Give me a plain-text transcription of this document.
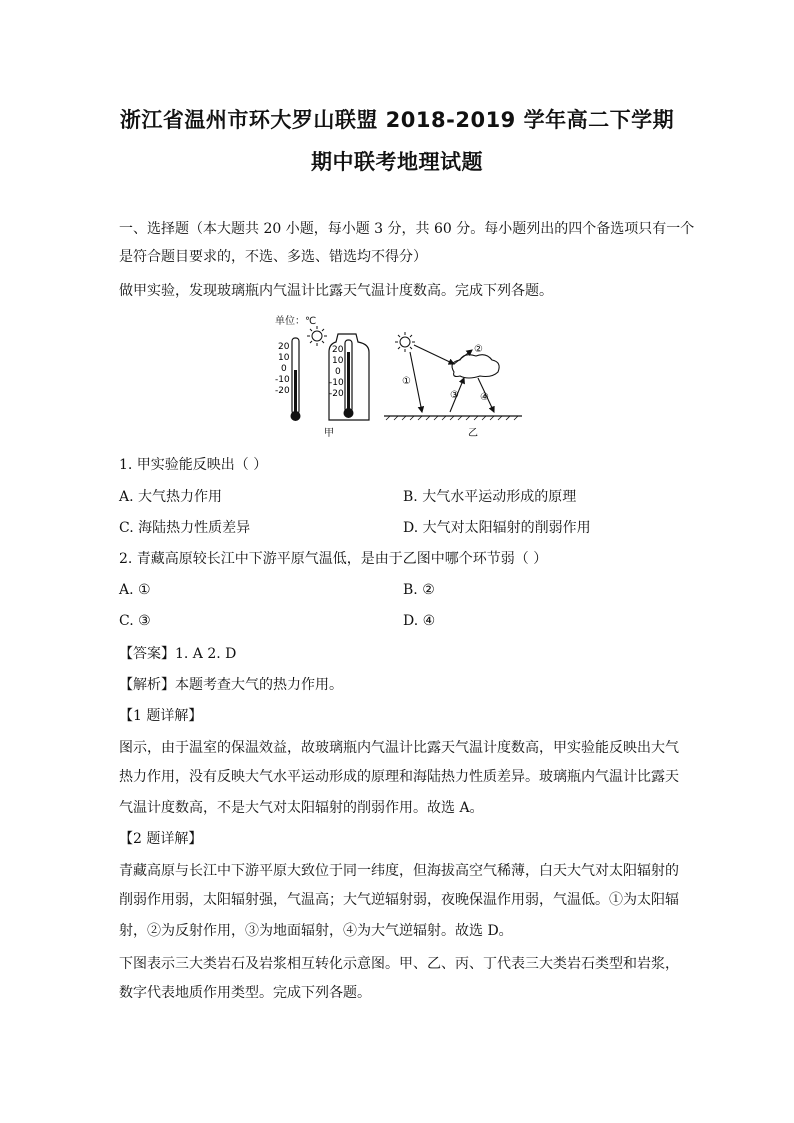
浙江省温州市环大罗山联盟 2018-2019 学年高二下学期
期中联考地理试题
一、选择题（本大题共 20 小题，每小题 3 分，共 60 分。每小题列出的四个备选项只有一个
是符合题目要求的，不选、多选、错选均不得分）
做甲实验，发现玻璃瓶内气温计比露天气温计度数高。完成下列各题。
单位：℃
20
10
0
-10
-20
20
10
0
-10
-20
甲
①
②
③ ④
乙
1. 甲实验能反映出（ ）
A. 大气热力作用	B. 大气水平运动形成的原理
C. 海陆热力性质差异	D. 大气对太阳辐射的削弱作用
2. 青藏高原较长江中下游平原气温低，是由于乙图中哪个环节弱（ ）
A. ①	B. ②
C. ③	D. ④
【答案】1. A 2. D
【解析】本题考查大气的热力作用。
【1 题详解】
图示，由于温室的保温效益，故玻璃瓶内气温计比露天气温计度数高，甲实验能反映出大气
热力作用，没有反映大气水平运动形成的原理和海陆热力性质差异。玻璃瓶内气温计比露天
气温计度数高，不是大气对太阳辐射的削弱作用。故选 A。
【2 题详解】
青藏高原与长江中下游平原大致位于同一纬度，但海拔高空气稀薄，白天大气对太阳辐射的
削弱作用弱，太阳辐射强，气温高；大气逆辐射弱，夜晚保温作用弱，气温低。①为太阳辐
射，②为反射作用，③为地面辐射，④为大气逆辐射。故选 D。
下图表示三大类岩石及岩浆相互转化示意图。甲、乙、丙、丁代表三大类岩石类型和岩浆，
数字代表地质作用类型。完成下列各题。
